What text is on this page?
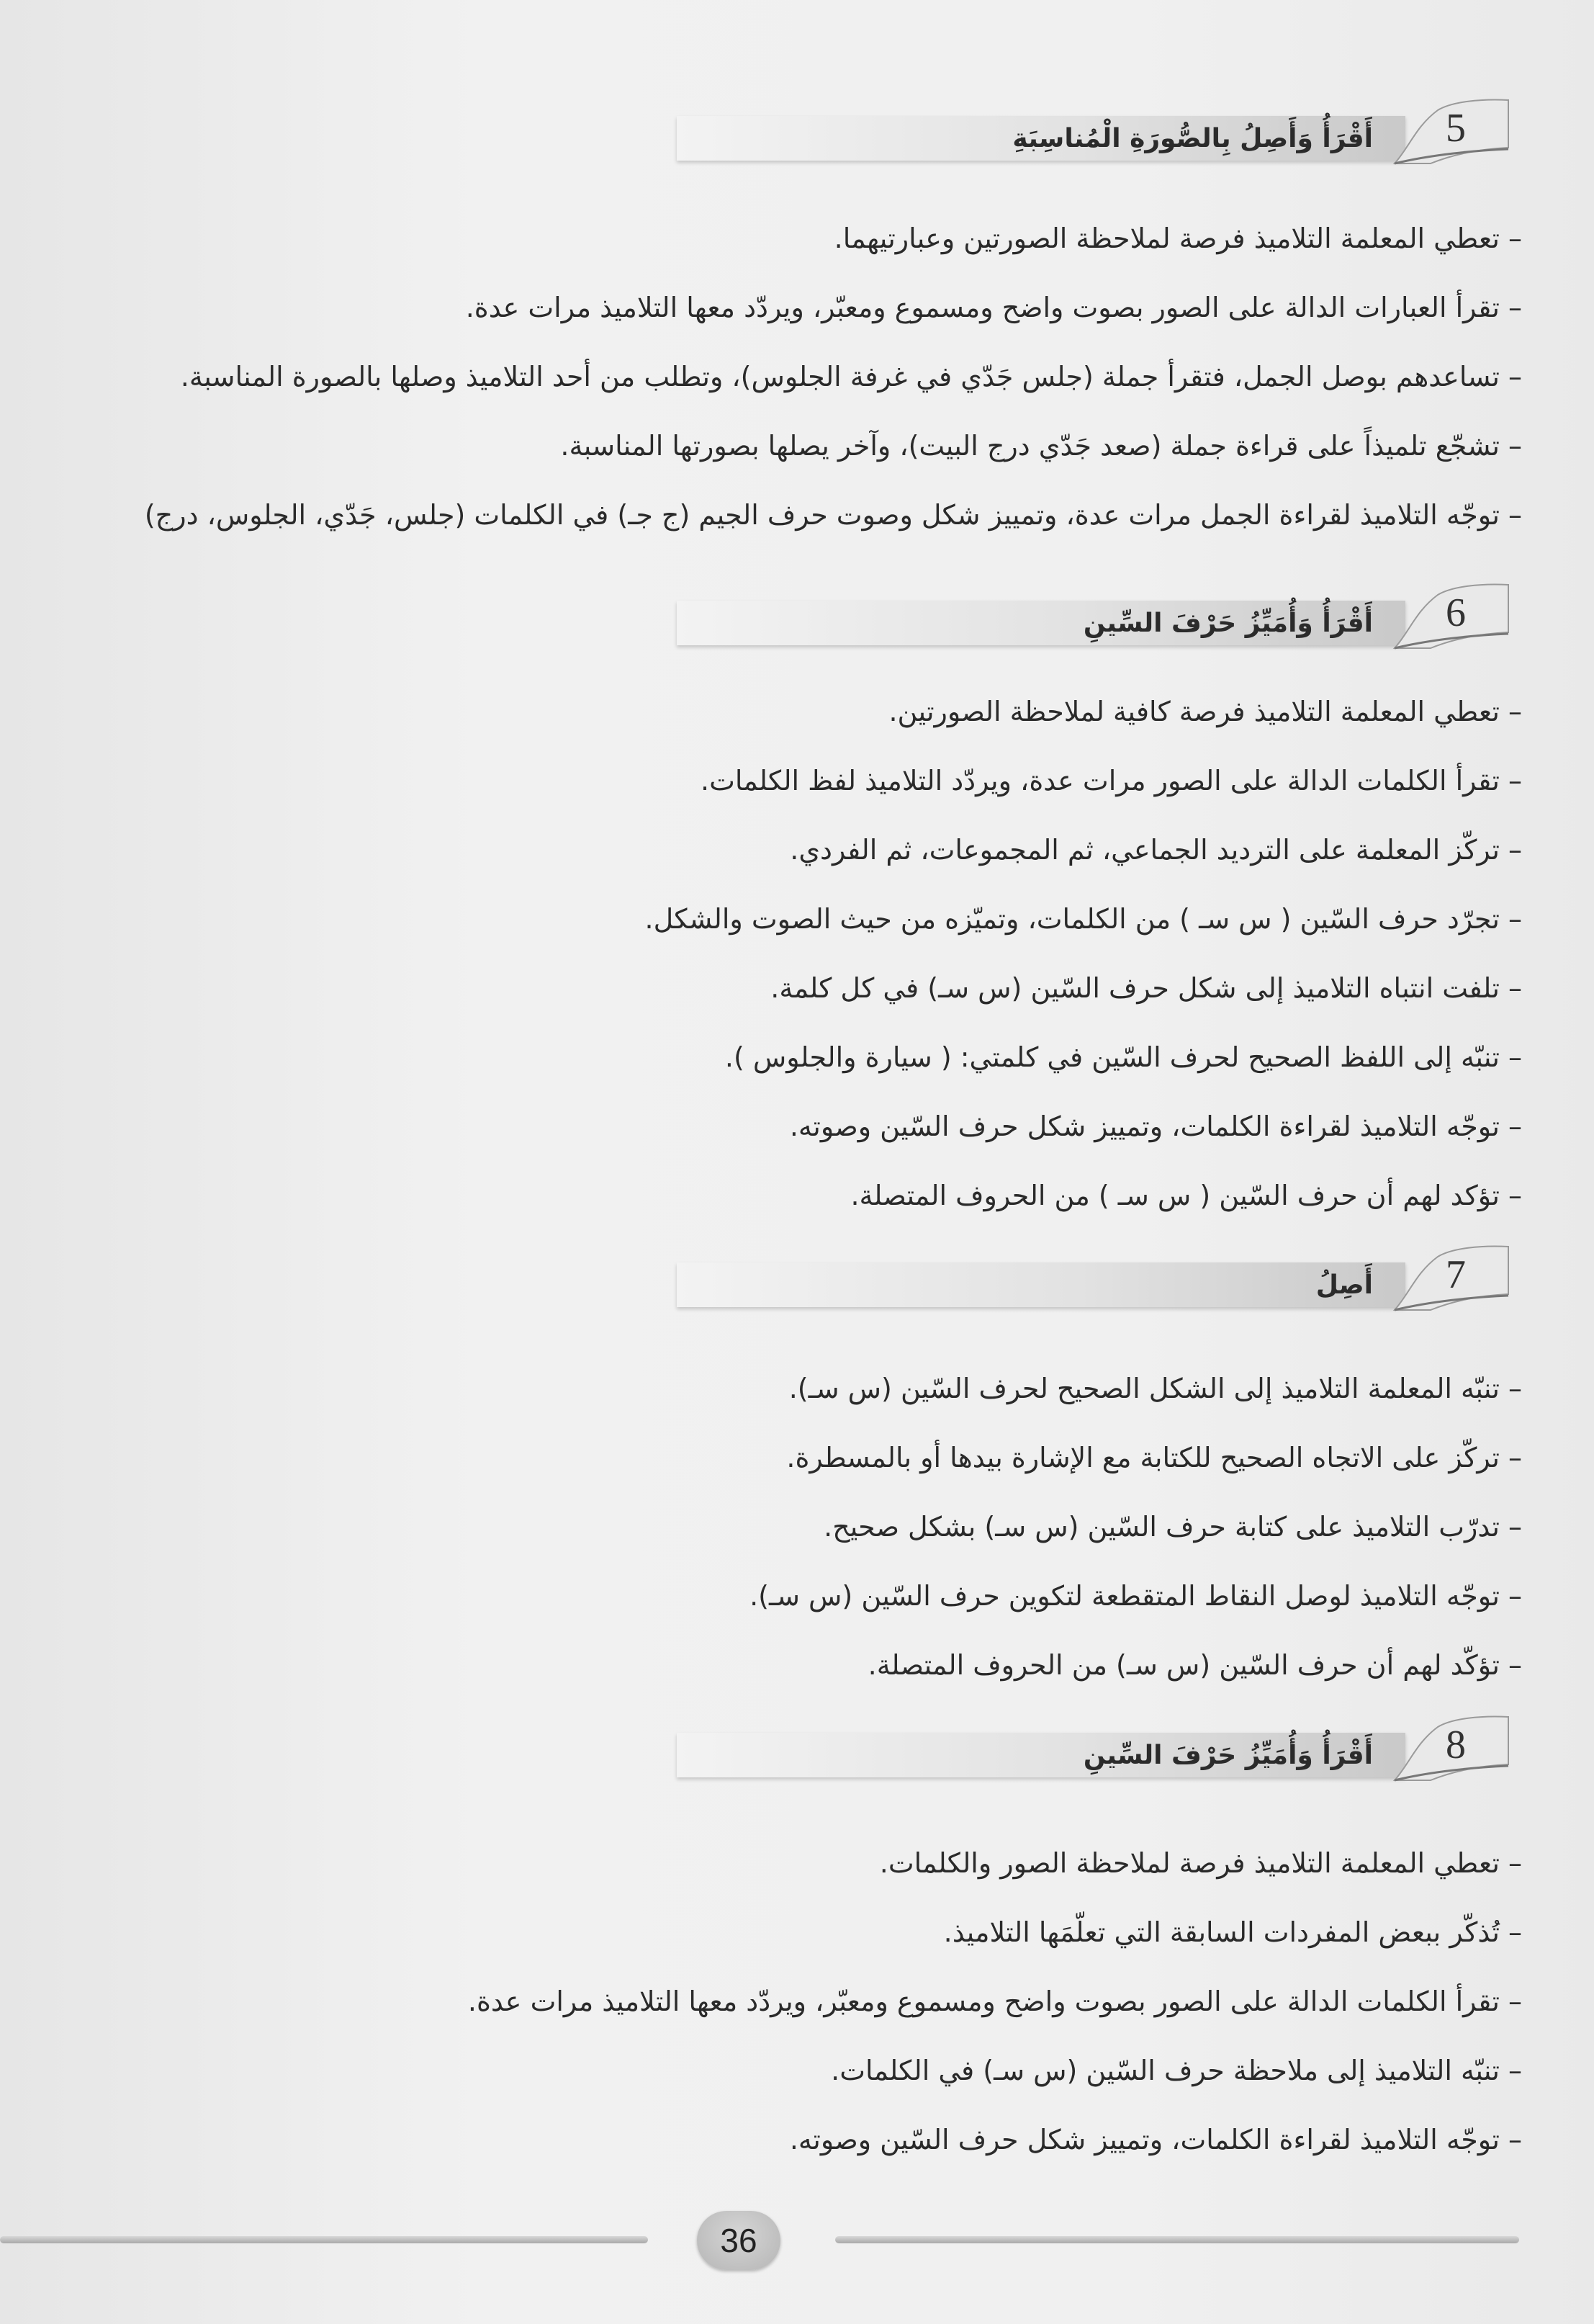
5
أَقْرَأُ وَأَصِلُ بِالصُّورَةِ الْمُناسِبَةِ
– تعطي المعلمة التلاميذ فرصة لملاحظة الصورتين وعبارتيهما.
– تقرأ العبارات الدالة على الصور بصوت واضح ومسموع ومعبّر، ويردّد معها التلاميذ مرات عدة.
– تساعدهم بوصل الجمل، فتقرأ جملة (جلس جَدّي في غرفة الجلوس)، وتطلب من أحد التلاميذ وصلها بالصورة المناسبة.
– تشجّع تلميذاً على قراءة جملة (صعد جَدّي درج البيت)، وآخر يصلها بصورتها المناسبة.
– توجّه التلاميذ لقراءة الجمل مرات عدة، وتمييز شكل وصوت حرف الجيم (ج جـ) في الكلمات (جلس، جَدّي، الجلوس، درج)
6
أَقْرَأُ وَأُمَيِّزُ حَرْفَ السِّينِ
– تعطي المعلمة التلاميذ فرصة كافية لملاحظة الصورتين.
– تقرأ الكلمات الدالة على الصور مرات عدة، ويردّد التلاميذ لفظ الكلمات.
– تركّز المعلمة على الترديد الجماعي، ثم المجموعات، ثم الفردي.
– تجرّد حرف السّين ( س سـ ) من الكلمات، وتميّزه من حيث الصوت والشكل.
– تلفت انتباه التلاميذ إلى شكل حرف السّين (س سـ) في كل كلمة.
– تنبّه إلى اللفظ الصحيح لحرف السّين في كلمتي: ( سيارة والجلوس ).
– توجّه التلاميذ لقراءة الكلمات، وتمييز شكل حرف السّين وصوته.
– تؤكد لهم أن حرف السّين ( س سـ ) من الحروف المتصلة.
7
أَصِلُ
– تنبّه المعلمة التلاميذ إلى الشكل الصحيح لحرف السّين (س سـ).
– تركّز على الاتجاه الصحيح للكتابة مع الإشارة بيدها أو بالمسطرة.
– تدرّب التلاميذ على كتابة حرف السّين (س سـ) بشكل صحيح.
– توجّه التلاميذ لوصل النقاط المتقطعة لتكوين حرف السّين (س سـ).
– تؤكّد لهم أن حرف السّين (س سـ) من الحروف المتصلة.
8
أَقْرَأُ وَأُمَيِّزُ حَرْفَ السِّينِ
– تعطي المعلمة التلاميذ فرصة لملاحظة الصور والكلمات.
– تُذكّر ببعض المفردات السابقة التي تعلّمَها التلاميذ.
– تقرأ الكلمات الدالة على الصور بصوت واضح ومسموع ومعبّر، ويردّد معها التلاميذ مرات عدة.
– تنبّه التلاميذ إلى ملاحظة حرف السّين (س سـ) في الكلمات.
– توجّه التلاميذ لقراءة الكلمات، وتمييز شكل حرف السّين وصوته.
36
